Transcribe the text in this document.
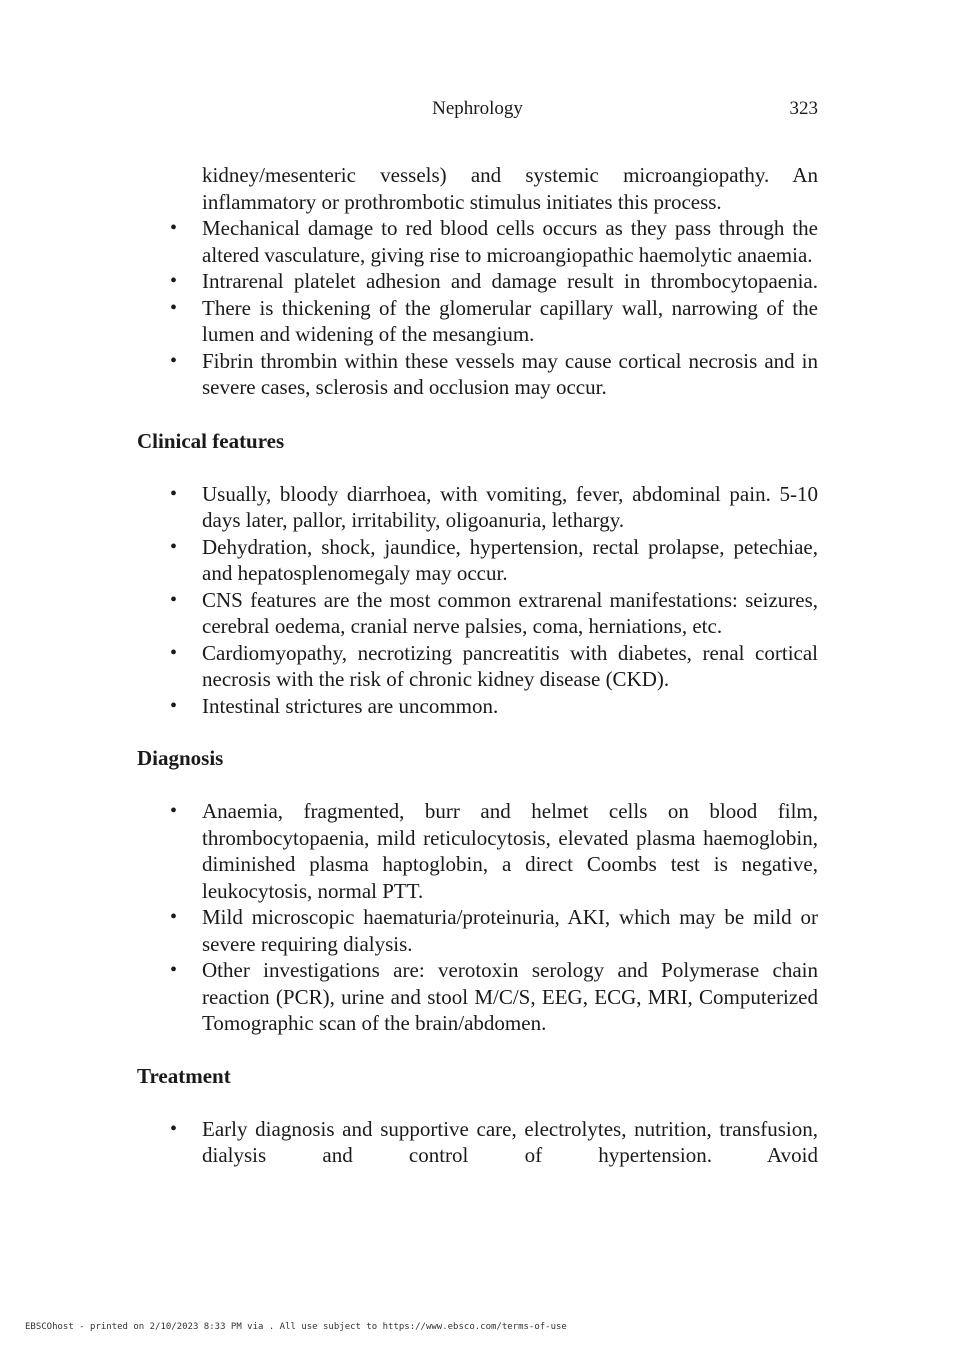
Nephrology	323

kidney/mesenteric vessels) and systemic microangiopathy. An inflammatory or prothrombotic stimulus initiates this process.

• Mechanical damage to red blood cells occurs as they pass through the altered vasculature, giving rise to microangiopathic haemolytic anaemia.
• Intrarenal platelet adhesion and damage result in thrombocytopaenia.
• There is thickening of the glomerular capillary wall, narrowing of the lumen and widening of the mesangium.
• Fibrin thrombin within these vessels may cause cortical necrosis and in severe cases, sclerosis and occlusion may occur.
Clinical features
• Usually, bloody diarrhoea, with vomiting, fever, abdominal pain. 5-10 days later, pallor, irritability, oligoanuria, lethargy.
• Dehydration, shock, jaundice, hypertension, rectal prolapse, petechiae, and hepatosplenomegaly may occur.
• CNS features are the most common extrarenal manifestations: seizures, cerebral oedema, cranial nerve palsies, coma, herniations, etc.
• Cardiomyopathy, necrotizing pancreatitis with diabetes, renal cortical necrosis with the risk of chronic kidney disease (CKD).
• Intestinal strictures are uncommon.
Diagnosis
• Anaemia, fragmented, burr and helmet cells on blood film, thrombocytopaenia, mild reticulocytosis, elevated plasma haemoglobin, diminished plasma haptoglobin, a direct Coombs test is negative, leukocytosis, normal PTT.
• Mild microscopic haematuria/proteinuria, AKI, which may be mild or severe requiring dialysis.
• Other investigations are: verotoxin serology and Polymerase chain reaction (PCR), urine and stool M/C/S, EEG, ECG, MRI, Computerized Tomographic scan of the brain/abdomen.
Treatment
• Early diagnosis and supportive care, electrolytes, nutrition, transfusion, dialysis and control of hypertension. Avoid
EBSCOhost - printed on 2/10/2023 8:33 PM via . All use subject to https://www.ebsco.com/terms-of-use
